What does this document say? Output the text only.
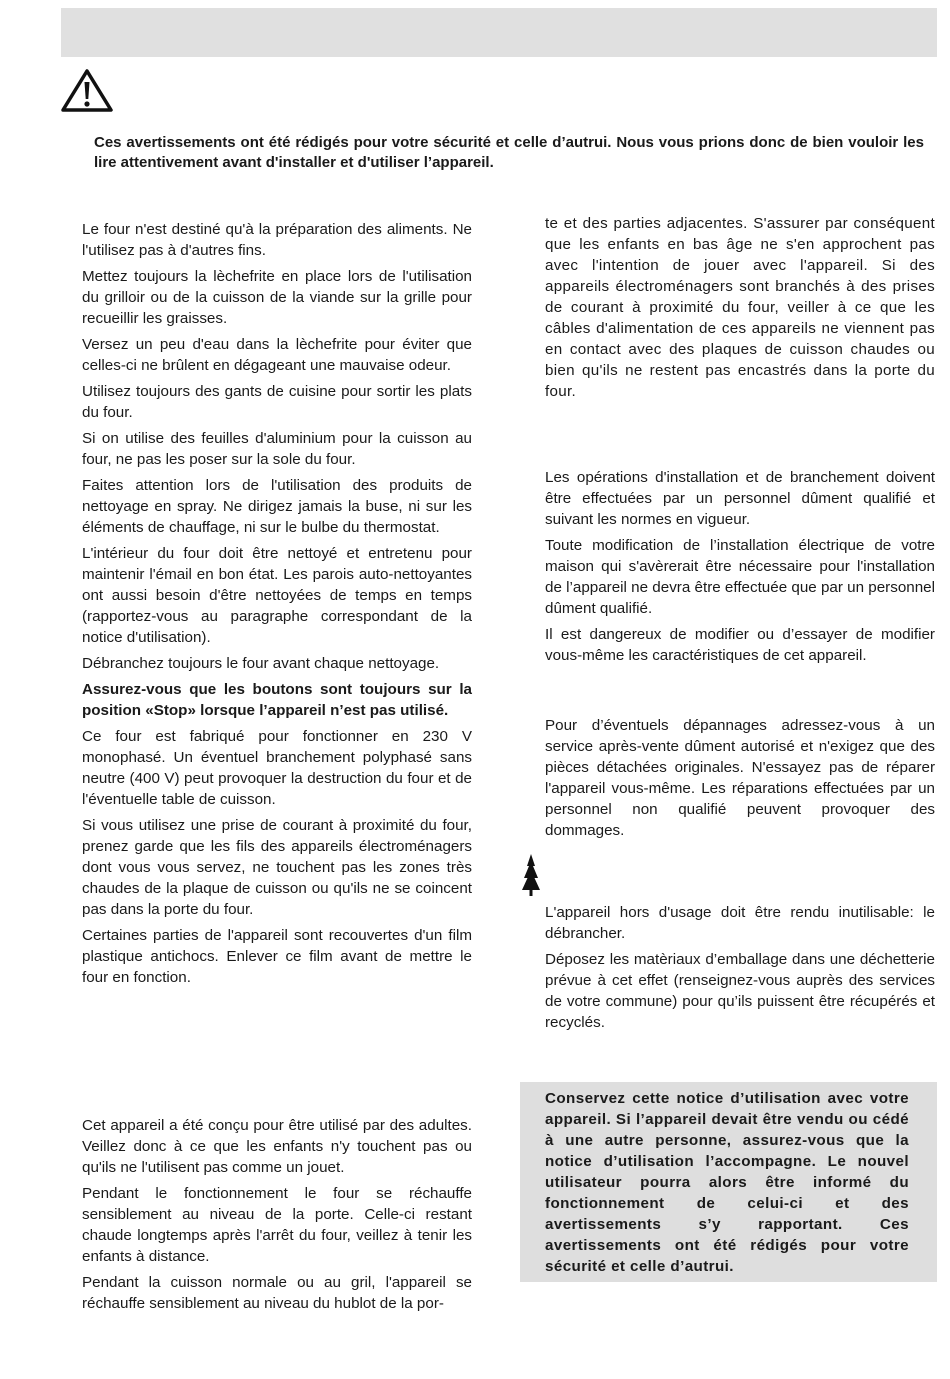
Ces avertissements ont été rédigés pour votre sécurité et celle d’autrui. Nous vous prions donc de bien vouloir les lire attentivement avant d'installer et d'utiliser l’appareil.

Le four n'est destiné qu'à la préparation des aliments. Ne l'utilisez pas à d'autres fins.

Mettez toujours la lèchefrite en place lors de l'utilisation du grilloir ou de la cuisson de la viande sur la grille pour recueillir les graisses.

Versez un peu d'eau dans la lèchefrite pour éviter que celles-ci ne brûlent en dégageant une mauvaise odeur.

Utilisez toujours des gants de cuisine pour sortir les plats du four.

Si on utilise des feuilles d'aluminium pour la cuisson au four, ne pas les poser sur la sole du four.

Faites attention lors de l'utilisation des produits de nettoyage en spray. Ne dirigez jamais la buse, ni sur les éléments de chauffage, ni sur le bulbe du thermostat.

L'intérieur du four doit être nettoyé et entretenu pour maintenir l'émail en bon état. Les parois auto-nettoyantes ont aussi besoin d'être nettoyées de temps en temps (rapportez-vous au paragraphe correspondant de la notice d'utilisation).

Débranchez toujours le four avant chaque nettoyage.

Assurez-vous que les boutons sont toujours sur la position «Stop» lorsque l’appareil n’est pas utilisé.

Ce four est fabriqué pour fonctionner en 230 V monophasé. Un éventuel branchement polyphasé sans neutre (400 V) peut provoquer la destruction du four et de l'éventuelle table de cuisson.

Si vous utilisez une prise de courant à proximité du four, prenez garde que les fils des appareils électroménagers dont vous vous servez, ne touchent pas les zones très chaudes de la plaque de cuisson ou qu'ils ne se coincent pas dans la porte du four.

Certaines parties de l'appareil sont recouvertes d'un film plastique antichocs. Enlever ce film avant de mettre le four en fonction.

Cet appareil a été conçu pour être utilisé par des adultes. Veillez donc à ce que les enfants n'y touchent pas ou qu'ils ne l'utilisent pas comme un jouet.

Pendant le fonctionnement le four se réchauffe sensiblement au niveau de la porte. Celle-ci restant chaude longtemps après l'arrêt du four, veillez à tenir les enfants à distance.

Pendant la cuisson normale ou au gril, l'appareil se réchauffe sensiblement au niveau du hublot de la por-

te et des parties adjacentes. S'assurer par conséquent que les enfants en bas âge ne s'en approchent pas avec l'intention de jouer avec l'appareil. Si des appareils électroménagers sont branchés à des prises de courant à proximité du four, veiller à ce que les câbles d'alimentation de ces appareils ne viennent pas en contact avec des plaques de cuisson chaudes ou bien qu'ils ne restent pas encastrés dans la porte du four.

Les opérations d'installation et de branchement doivent être effectuées par un personnel dûment qualifié et suivant les normes en vigueur.

Toute modification de l’installation électrique de votre maison qui s'avèrerait être nécessaire pour l'installation de l’appareil ne devra être effectuée que par un personnel dûment qualifié.

Il est dangereux de modifier ou d’essayer de modifier vous-même les caractéristiques de cet appareil.

Pour d’éventuels dépannages adressez-vous à un service après-vente dûment autorisé et n'exigez que des pièces détachées originales. N'essayez pas de réparer l'appareil vous-même. Les réparations effectuées par un personnel non qualifié peuvent provoquer des dommages.

L'appareil hors d'usage doit être rendu inutilisable: le débrancher.

Déposez les matèriaux d’emballage dans une déchetterie prévue à cet effet (renseignez-vous auprès des services de votre commune) pour qu’ils puissent être récupérés et recyclés.

Conservez cette notice d’utilisation avec votre appareil. Si l’appareil devait être vendu ou cédé à une autre personne, assurez-vous que la notice d’utilisation l’accompagne. Le nouvel utilisateur pourra alors être informé du fonctionnement de celui-ci et des avertissements s’y rapportant. Ces avertissements ont été rédigés pour votre sécurité et celle d’autrui.
